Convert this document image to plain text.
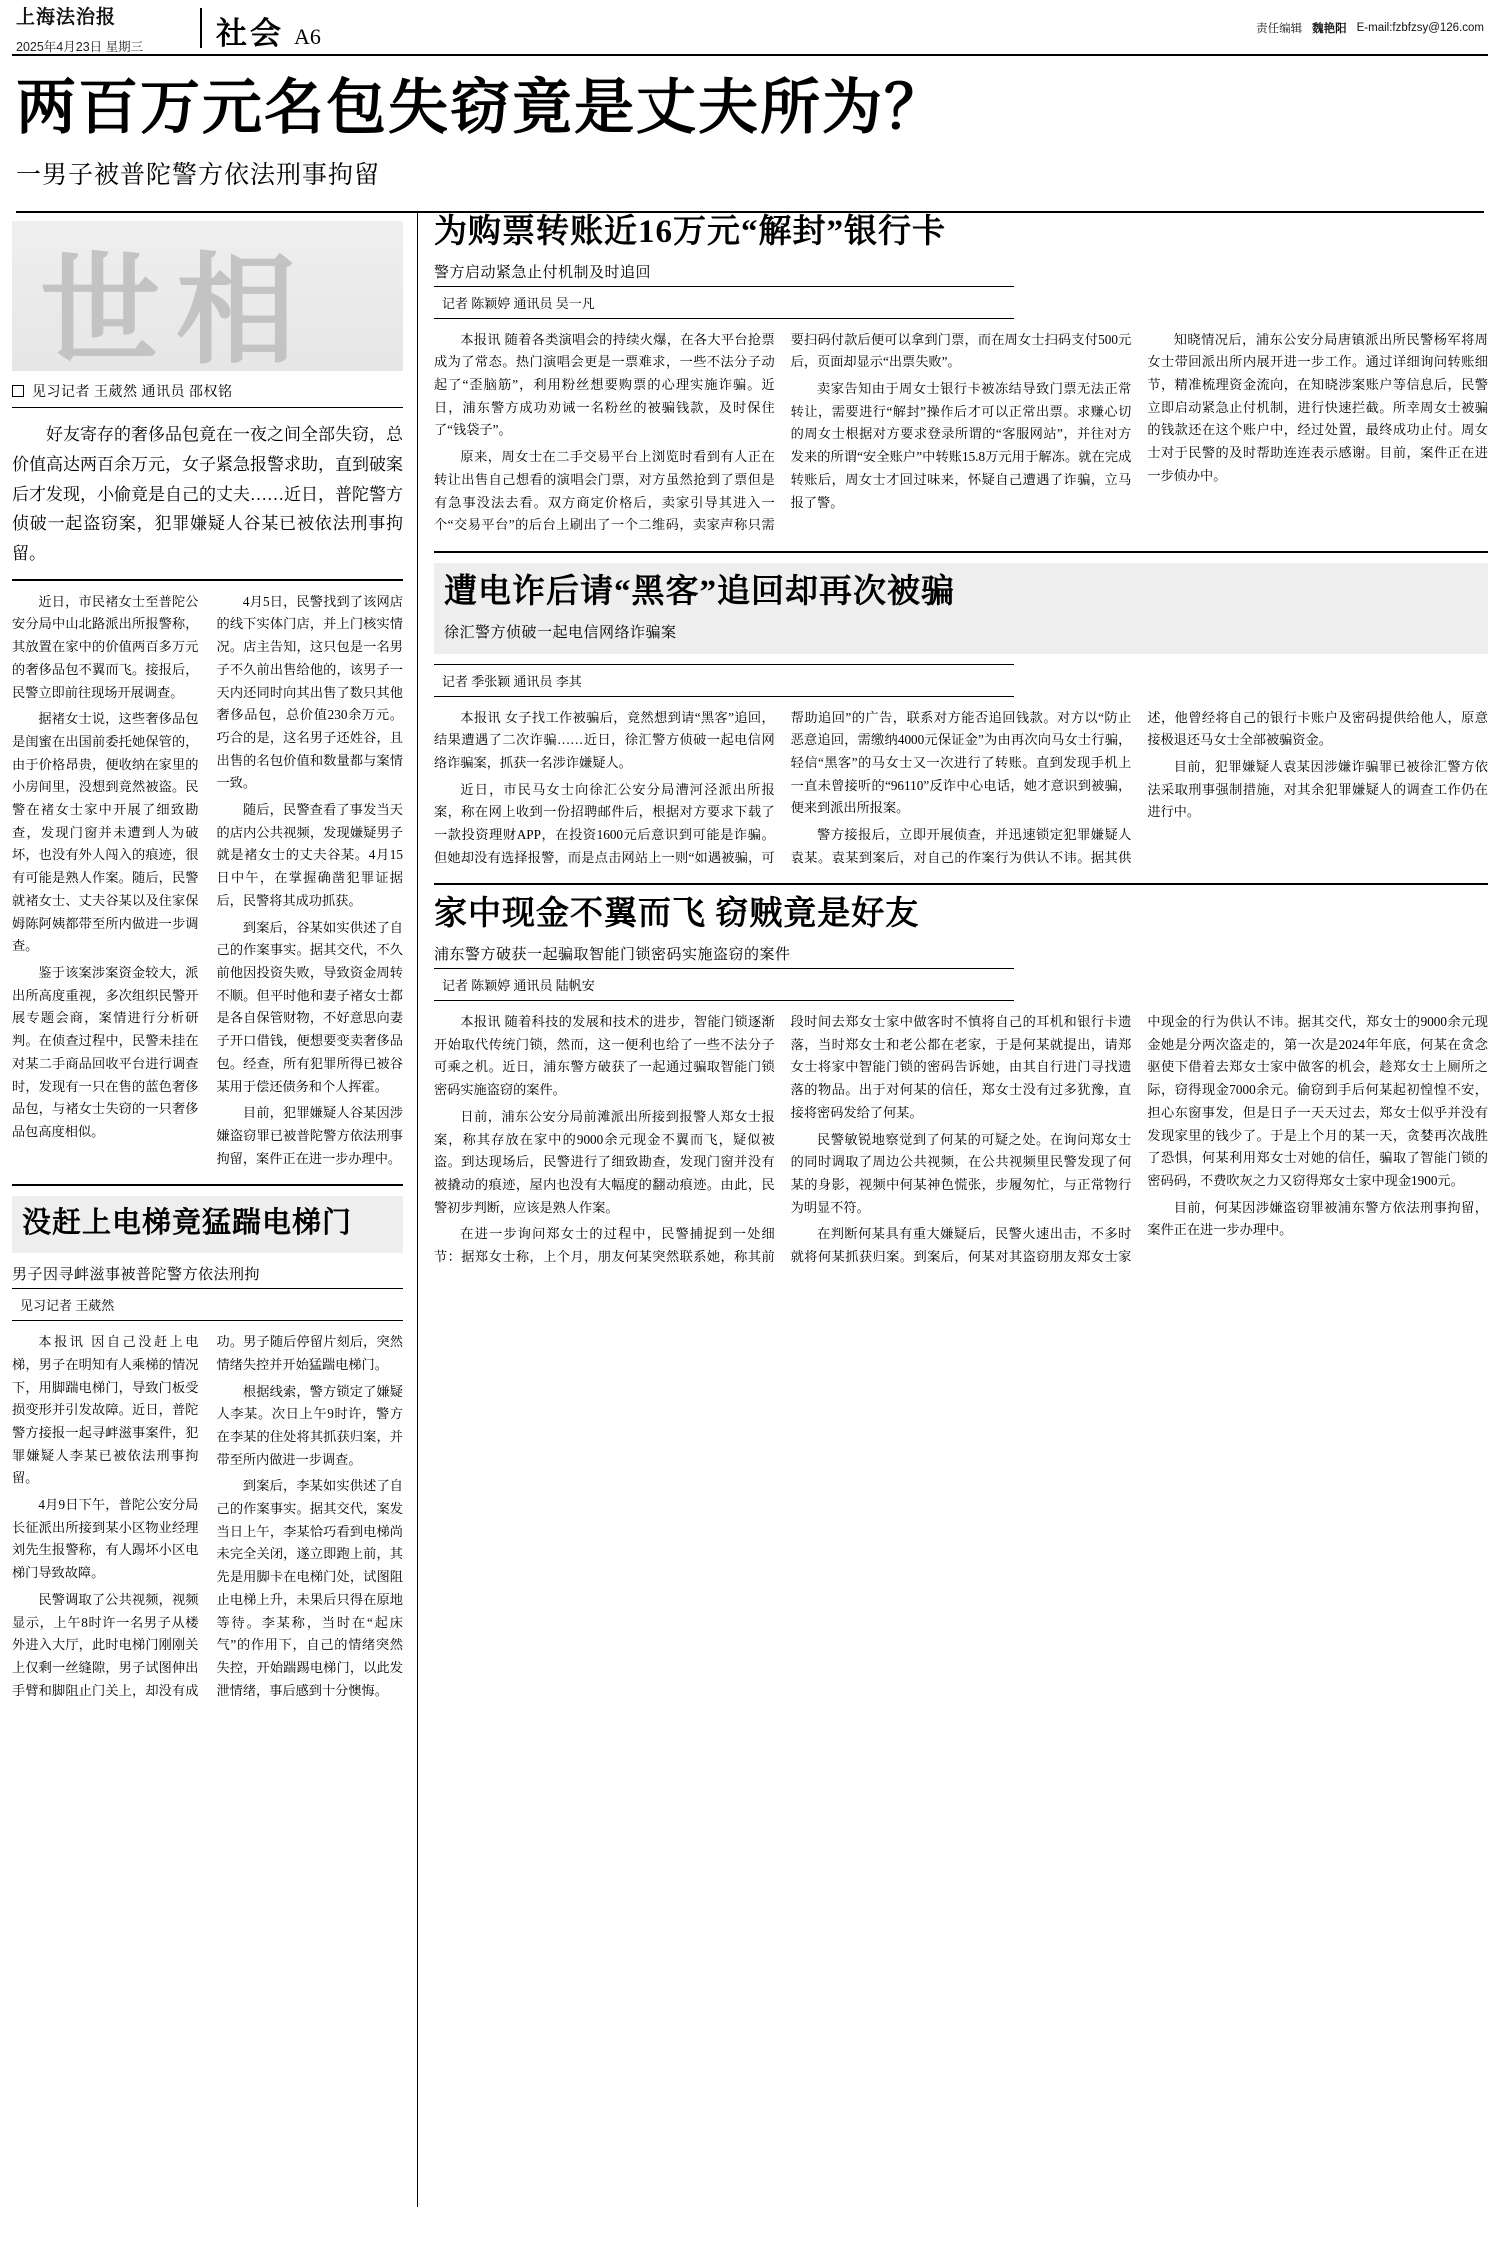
上海法治报
2025年4月23日 星期三	社会 A6	责任编辑 魏艳阳 E-mail:fzbfzsy@126.com
两百万元名包失窃竟是丈夫所为？
一男子被普陀警方依法刑事拘留
世相
见习记者 王葳然 通讯员 邵权铭
好友寄存的奢侈品包竟在一夜之间全部失窃，总价值高达两百余万元，女子紧急报警求助，直到破案后才发现，小偷竟是自己的丈夫……近日，普陀警方侦破一起盗窃案，犯罪嫌疑人谷某已被依法刑事拘留。

近日，市民褚女士至普陀公安分局中山北路派出所报警称，其放置在家中的价值两百多万元的奢侈品包不翼而飞。接报后，民警立即前往现场开展调查。

据褚女士说，这些奢侈品包是闺蜜在出国前委托她保管的，由于价格昂贵，便收纳在家里的小房间里，没想到竟然被盗。民警在褚女士家中开展了细致勘查，发现门窗并未遭到人为破坏，也没有外人闯入的痕迹，很有可能是熟人作案。随后，民警就褚女士、丈夫谷某以及住家保姆陈阿姨都带至所内做进一步调查。

鉴于该案涉案资金较大，派出所高度重视，多次组织民警开展专题会商，案情进行分析研判。在侦查过程中，民警未挂在对某二手商品回收平台进行调查时，发现有一只在售的蓝色奢侈品包，与褚女士失窃的一只奢侈品包高度相似。

4月5日，民警找到了该网店的线下实体门店，并上门核实情况。店主告知，这只包是一名男子不久前出售给他的，该男子一天内还同时向其出售了数只其他奢侈品包，总价值230余万元。巧合的是，这名男子还姓谷，且出售的名包价值和数量都与案情一致。

随后，民警查看了事发当天的店内公共视频，发现嫌疑男子就是褚女士的丈夫谷某。4月15日中午，在掌握确凿犯罪证据后，民警将其成功抓获。

到案后，谷某如实供述了自己的作案事实。据其交代，不久前他因投资失败，导致资金周转不顺。但平时他和妻子褚女士都是各自保管财物，不好意思向妻子开口借钱，便想要变卖奢侈品包。经查，所有犯罪所得已被谷某用于偿还债务和个人挥霍。

目前，犯罪嫌疑人谷某因涉嫌盗窃罪已被普陀警方依法刑事拘留，案件正在进一步办理中。

没赶上电梯竟猛踹电梯门
男子因寻衅滋事被普陀警方依法刑拘
见习记者 王葳然

本报讯 因自己没赶上电梯，男子在明知有人乘梯的情况下，用脚踹电梯门，导致门板受损变形并引发故障。近日，普陀警方接报一起寻衅滋事案件，犯罪嫌疑人李某已被依法刑事拘留。

4月9日下午，普陀公安分局长征派出所接到某小区物业经理刘先生报警称，有人踢坏小区电梯门导致故障。

民警调取了公共视频，视频显示，上午8时许一名男子从楼外进入大厅，此时电梯门刚刚关上仅剩一丝缝隙，男子试图伸出手臂和脚阻止门关上，却没有成功。男子随后停留片刻后，突然情绪失控并开始猛踹电梯门。

根据线索，警方锁定了嫌疑人李某。次日上午9时许，警方在李某的住处将其抓获归案，并带至所内做进一步调查。

到案后，李某如实供述了自己的作案事实。据其交代，案发当日上午，李某恰巧看到电梯尚未完全关闭，遂立即跑上前，其先是用脚卡在电梯门处，试图阻止电梯上升，未果后只得在原地等待。李某称，当时在“起床气”的作用下，自己的情绪突然失控，开始踹踢电梯门，以此发泄情绪，事后感到十分懊悔。

为购票转账近16万元“解封”银行卡
警方启动紧急止付机制及时追回
记者 陈颖婷 通讯员 吴一凡

本报讯 随着各类演唱会的持续火爆，在各大平台抢票成为了常态。热门演唱会更是一票难求，一些不法分子动起了“歪脑筋”，利用粉丝想要购票的心理实施诈骗。近日，浦东警方成功劝诫一名粉丝的被骗钱款，及时保住了“钱袋子”。

原来，周女士在二手交易平台上浏览时看到有人正在转让出售自己想看的演唱会门票，对方虽然抢到了票但是有急事没法去看。双方商定价格后，卖家引导其进入一个“交易平台”的后台上刷出了一个二维码，卖家声称只需要扫码付款后便可以拿到门票，而在周女士扫码支付500元后，页面却显示“出票失败”。

卖家告知由于周女士银行卡被冻结导致门票无法正常转让，需要进行“解封”操作后才可以正常出票。求赚心切的周女士根据对方要求登录所谓的“客服网站”，并往对方发来的所谓“安全账户”中转账15.8万元用于解冻。就在完成转账后，周女士才回过味来，怀疑自己遭遇了诈骗，立马报了警。

知晓情况后，浦东公安分局唐镇派出所民警杨军将周女士带回派出所内展开进一步工作。通过详细询问转账细节，精准梳理资金流向，在知晓涉案账户等信息后，民警立即启动紧急止付机制，进行快速拦截。所幸周女士被骗的钱款还在这个账户中，经过处置，最终成功止付。周女士对于民警的及时帮助连连表示感谢。目前，案件正在进一步侦办中。

遭电诈后请“黑客”追回却再次被骗
徐汇警方侦破一起电信网络诈骗案
记者 季张颖 通讯员 李其

本报讯 女子找工作被骗后，竟然想到请“黑客”追回，结果遭遇了二次诈骗……近日，徐汇警方侦破一起电信网络诈骗案，抓获一名涉诈嫌疑人。

近日，市民马女士向徐汇公安分局漕河泾派出所报案，称在网上收到一份招聘邮件后，根据对方要求下载了一款投资理财APP，在投资1600元后意识到可能是诈骗。但她却没有选择报警，而是点击网站上一则“如遇被骗，可帮助追回”的广告，联系对方能否追回钱款。对方以“防止恶意追回，需缴纳4000元保证金”为由再次向马女士行骗，轻信“黑客”的马女士又一次进行了转账。直到发现手机上一直未曾接听的“96110”反诈中心电话，她才意识到被骗，便来到派出所报案。

警方接报后，立即开展侦查，并迅速锁定犯罪嫌疑人袁某。袁某到案后，对自己的作案行为供认不讳。据其供述，他曾经将自己的银行卡账户及密码提供给他人，原意接极退还马女士全部被骗资金。

目前，犯罪嫌疑人袁某因涉嫌诈骗罪已被徐汇警方依法采取刑事强制措施，对其余犯罪嫌疑人的调查工作仍在进行中。

家中现金不翼而飞 窃贼竟是好友
浦东警方破获一起骗取智能门锁密码实施盗窃的案件
记者 陈颖婷 通讯员 陆帆安

本报讯 随着科技的发展和技术的进步，智能门锁逐渐开始取代传统门锁，然而，这一便利也给了一些不法分子可乘之机。近日，浦东警方破获了一起通过骗取智能门锁密码实施盗窃的案件。

日前，浦东公安分局前滩派出所接到报警人郑女士报案，称其存放在家中的9000余元现金不翼而飞，疑似被盗。到达现场后，民警进行了细致勘查，发现门窗并没有被撬动的痕迹，屋内也没有大幅度的翻动痕迹。由此，民警初步判断，应该是熟人作案。

在进一步询问郑女士的过程中，民警捕捉到一处细节：据郑女士称，上个月，朋友何某突然联系她，称其前段时间去郑女士家中做客时不慎将自己的耳机和银行卡遗落，当时郑女士和老公都在老家，于是何某就提出，请郑女士将家中智能门锁的密码告诉她，由其自行进门寻找遗落的物品。出于对何某的信任，郑女士没有过多犹豫，直接将密码发给了何某。

民警敏锐地察觉到了何某的可疑之处。在询问郑女士的同时调取了周边公共视频，在公共视频里民警发现了何某的身影，视频中何某神色慌张，步履匆忙，与正常物行为明显不符。

在判断何某具有重大嫌疑后，民警火速出击，不多时就将何某抓获归案。到案后，何某对其盗窃朋友郑女士家中现金的行为供认不讳。据其交代，郑女士的9000余元现金她是分两次盗走的，第一次是2024年年底，何某在贪念驱使下借着去郑女士家中做客的机会，趁郑女士上厕所之际，窃得现金7000余元。偷窃到手后何某起初惶惶不安，担心东窗事发，但是日子一天天过去，郑女士似乎并没有发现家里的钱少了。于是上个月的某一天，贪婪再次战胜了恐惧，何某利用郑女士对她的信任，骗取了智能门锁的密码码，不费吹灰之力又窃得郑女士家中现金1900元。

目前，何某因涉嫌盗窃罪被浦东警方依法刑事拘留，案件正在进一步办理中。
